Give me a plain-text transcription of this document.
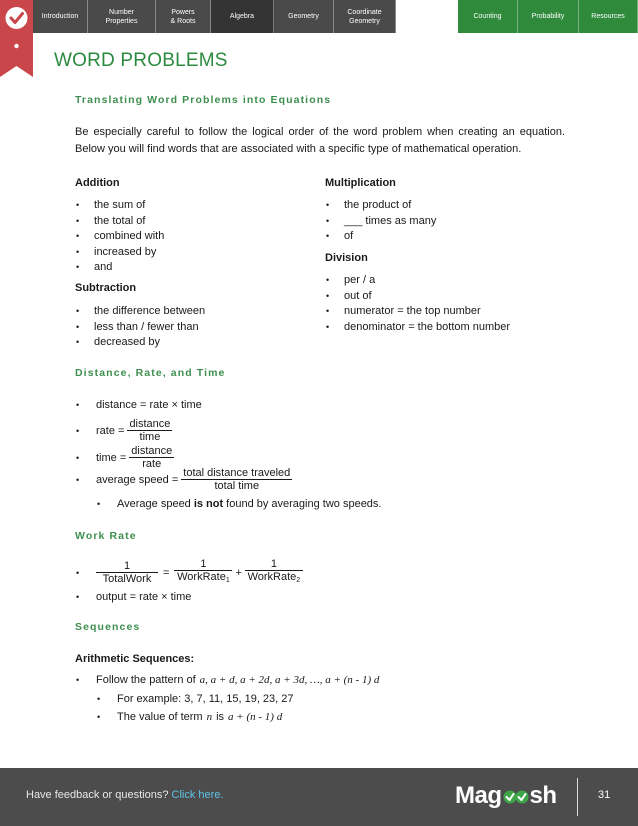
Introduction
Number
Properties
Powers
& Roots
Algebra	Geometry
Coordinate
Geometry
Counting	Probability	Resources
WORD PROBLEMS
Translating Word Problems into Equations

Be especially careful to follow the logical order of the word problem when creating an equation. Below you will find words that are associated with a specific type of mathematical operation.

Addition
• the sum of
• the total of
• combined with
• increased by
• and
Subtraction
• the difference between
• less than / fewer than
• decreased by
Multiplication
• the product of
• ___ times as many
• of
Division
• per / a
• out of
• numerator = the top number
• denominator = the bottom number
Distance, Rate, and Time
•	distance = rate × time
•	rate = $\frac{\text{distance}}{\text{time}}$
•	time = $\frac{\text{distance}}{\text{rate}}$
•	average speed = $\frac{\text{total distance traveled}}{\text{total time}}$
•	Average speed is not found by averaging two speeds.
Work Rate
•	$\frac{1}{\text{TotalWork}} = \frac{1}{WorkRate_1} + \frac{1}{WorkRate_2}$
•	output = rate × time
Sequences
Arithmetic Sequences:
•	Follow the pattern of a, a + d, a + 2d, a + 3d, …, a + (n - 1) d
•	For example: 3, 7, 11, 15, 19, 23, 27
•	The value of term n is a + (n - 1) d
Have feedback or questions? Click here.	Mag sh	31
